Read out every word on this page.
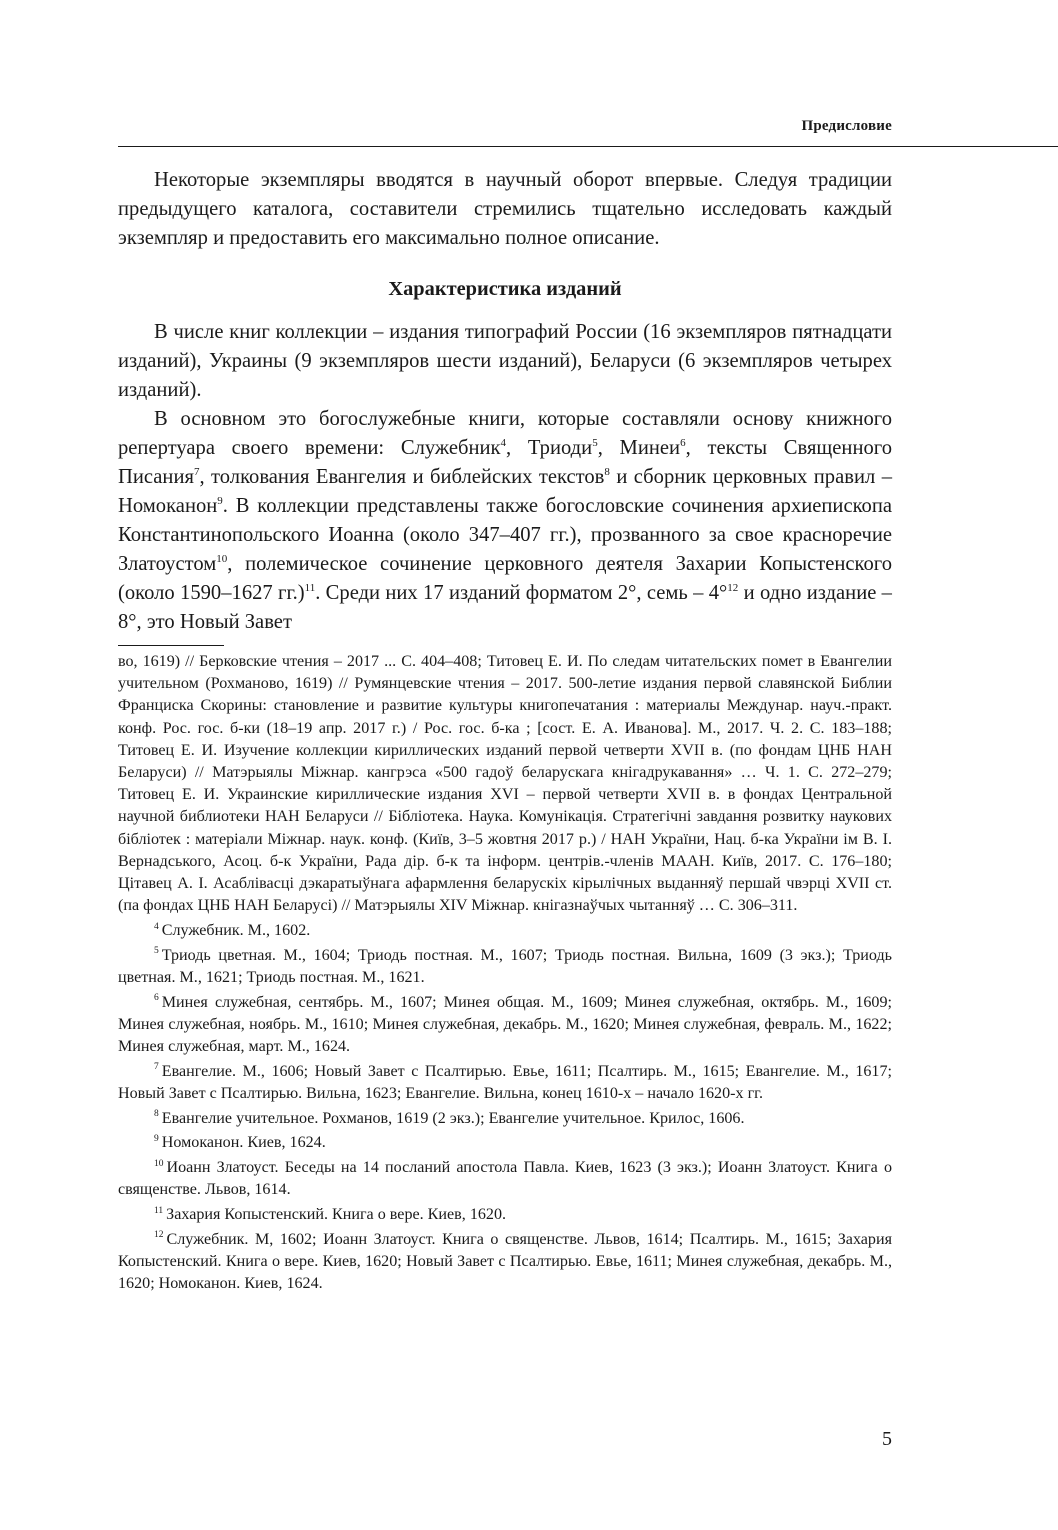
Предисловие

Некоторые экземпляры вводятся в научный оборот впервые. Следуя традиции предыдущего каталога, составители стремились тщательно исследовать каждый экземпляр и предоставить его максимально полное описание.

Характеристика изданий

В числе книг коллекции – издания типографий России (16 экземпляров пятнадцати изданий), Украины (9 экземпляров шести изданий), Беларуси (6 экземпляров четырех изданий).

В основном это богослужебные книги, которые составляли основу книжного репертуара своего времени: Служебник$^4$, Триоди$^5$, Минеи$^6$, тексты Священного Писания$^7$, толкования Евангелия и библейских текстов$^8$ и сборник церковных правил – Номоканон$^9$. В коллекции представлены также богословские сочинения архиепископа Константинопольского Иоанна (около 347–407 гг.), прозванного за свое красноречие Златоустом$^{10}$, полемическое сочинение церковного деятеля Захарии Копыстенского (около 1590–1627 гг.)$^{11}$. Среди них 17 изданий форматом 2°, семь – 4°$^{12}$ и одно издание – 8°, это Новый Завет

во, 1619) // Берковские чтения – 2017 ... С. 404–408; Титовец Е. И. По следам читательских помет в Евангелии учительном (Рохманово, 1619) // Румянцевские чтения – 2017. 500-летие издания первой славянской Библии Франциска Скорины: становление и развитие культуры книгопечатания : материалы Междунар. науч.-практ. конф. Рос. гос. б-ки (18–19 апр. 2017 г.) / Рос. гос. б-ка ; [сост. Е. А. Иванова]. М., 2017. Ч. 2. С. 183–188; Титовец Е. И. Изучение коллекции кириллических изданий первой четверти XVII в. (по фондам ЦНБ НАН Беларуси) // Матэрыялы Міжнар. кангрэса «500 гадоў беларускага кнігадрукавання» … Ч. 1. С. 272–279; Титовец Е. И. Украинские кириллические издания XVI – первой четверти XVII в. в фондах Центральной научной библиотеки НАН Беларуси // Бібліотека. Наука. Комунікація. Стратегічні завдання розвитку наукових бібліотек : матеріали Міжнар. наук. конф. (Київ, 3–5 жовтня 2017 р.) / НАН України, Нац. б-ка України ім В. І. Вернадського, Асоц. б-к України, Рада дір. б-к та інформ. центрів.-членів МААН. Київ, 2017. С. 176–180; Цітавец А. І. Асаблівасці дэкаратыўнага афармлення беларускіх кірылічных выданняў першай чвэрці XVII ст. (па фондах ЦНБ НАН Беларусі) // Матэрыялы XIV Міжнар. кнігазнаўчых чытанняў … С. 306–311.

$^4$ Служебник. М., 1602.

$^5$ Триодь цветная. М., 1604; Триодь постная. М., 1607; Триодь постная. Вильна, 1609 (3 экз.); Триодь цветная. М., 1621; Триодь постная. М., 1621.

$^6$ Минея служебная, сентябрь. М., 1607; Минея общая. М., 1609; Минея служебная, октябрь. М., 1609; Минея служебная, ноябрь. М., 1610; Минея служебная, декабрь. М., 1620; Минея служебная, февраль. М., 1622; Минея служебная, март. М., 1624.

$^7$ Евангелие. М., 1606; Новый Завет с Псалтирью. Евье, 1611; Псалтирь. М., 1615; Евангелие. М., 1617; Новый Завет с Псалтирью. Вильна, 1623; Евангелие. Вильна, конец 1610-х – начало 1620-х гг.

$^8$ Евангелие учительное. Рохманов, 1619 (2 экз.); Евангелие учительное. Крилос, 1606.

$^9$ Номоканон. Киев, 1624.

$^{10}$ Иоанн Златоуст. Беседы на 14 посланий апостола Павла. Киев, 1623 (3 экз.); Иоанн Златоуст. Книга о священстве. Львов, 1614.

$^{11}$ Захария Копыстенский. Книга о вере. Киев, 1620.

$^{12}$ Служебник. М, 1602; Иоанн Златоуст. Книга о священстве. Львов, 1614; Псалтирь. М., 1615; Захария Копыстенский. Книга о вере. Киев, 1620; Новый Завет с Псалтирью. Евье, 1611; Минея служебная, декабрь. М., 1620; Номоканон. Киев, 1624.

5
